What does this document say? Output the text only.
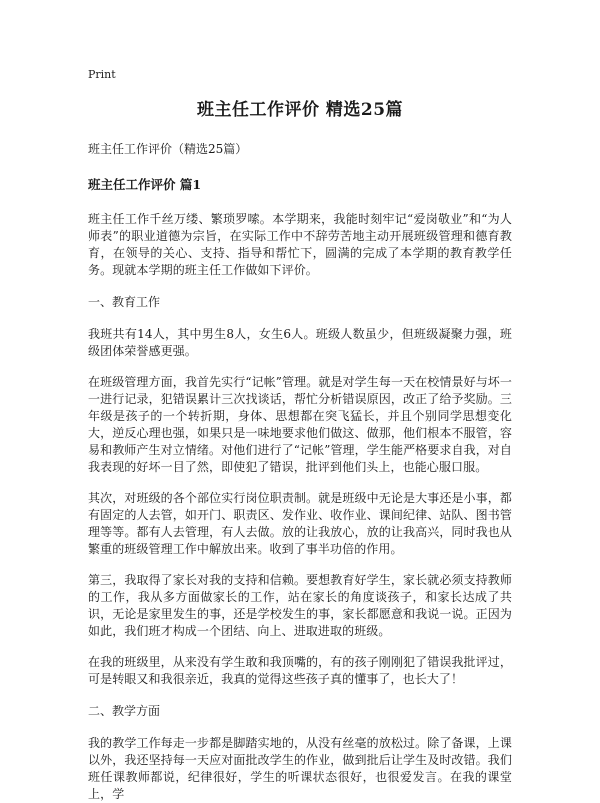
Print
班主任工作评价 精选25篇
班主任工作评价（精选25篇）
班主任工作评价 篇1

班主任工作千丝万缕、繁琐罗嗦。本学期来，我能时刻牢记“爱岗敬业”和“为人师表”的职业道德为宗旨，在实际工作中不辞劳苦地主动开展班级管理和德育教育，在领导的关心、支持、指导和帮忙下，圆满的完成了本学期的教育教学任务。现就本学期的班主任工作做如下评价。

一、教育工作

我班共有14人，其中男生8人，女生6人。班级人数虽少，但班级凝聚力强，班级团体荣誉感更强。

在班级管理方面，我首先实行“记帐”管理。就是对学生每一天在校情景好与坏一一进行记录，犯错误累计三次找谈话，帮忙分析错误原因，改正了给予奖励。三年级是孩子的一个转折期，身体、思想都在突飞猛长，并且个别同学思想变化大，逆反心理也强，如果只是一味地要求他们做这、做那，他们根本不服管，容易和教师产生对立情绪。对他们进行了“记帐”管理，学生能严格要求自我，对自我表现的好坏一目了然，即使犯了错误，批评到他们头上，也能心服口服。

其次，对班级的各个部位实行岗位职责制。就是班级中无论是大事还是小事，都有固定的人去管，如开门、职责区、发作业、收作业、课间纪律、站队、图书管理等等。都有人去管理，有人去做。放的让我放心，放的让我高兴，同时我也从繁重的班级管理工作中解放出来。收到了事半功倍的作用。

第三，我取得了家长对我的支持和信赖。要想教育好学生，家长就必须支持教师的工作，我从多方面做家长的工作，站在家长的角度谈孩子，和家长达成了共识，无论是家里发生的事，还是学校发生的事，家长都愿意和我说一说。正因为如此，我们班才构成一个团结、向上、进取进取的班级。

在我的班级里，从来没有学生敢和我顶嘴的，有的孩子刚刚犯了错误我批评过，可是转眼又和我很亲近，我真的觉得这些孩子真的懂事了，也长大了！

二、教学方面

我的教学工作每走一步都是脚踏实地的，从没有丝毫的放松过。除了备课，上课以外，我还坚持每一天应对面批改学生的作业，做到批后让学生及时改错。我们班任课教师都说，纪律很好，学生的听课状态很好，也很爱发言。在我的课堂上，学
